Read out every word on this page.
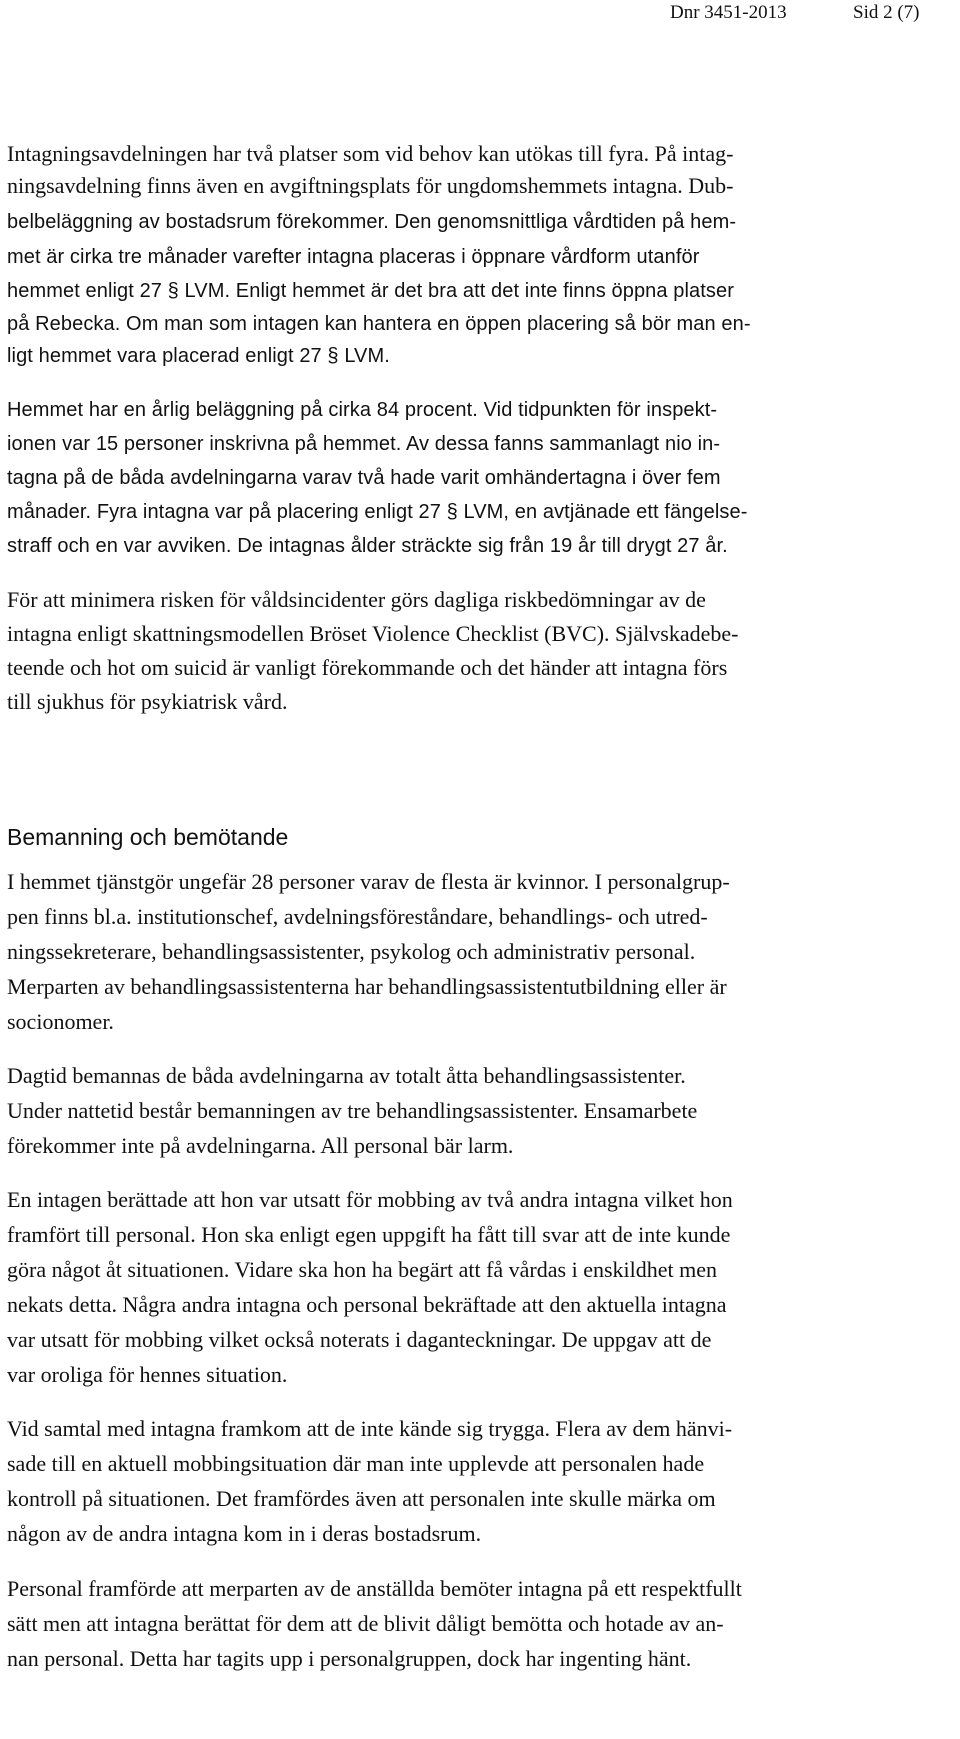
Dnr 3451-2013	Sid 2 (7)
Intagningsavdelningen har två platser som vid behov kan utökas till fyra. På intag-
ningsavdelning finns även en avgiftningsplats för ungdomshemmets intagna. Dub-
belbeläggning av bostadsrum förekommer. Den genomsnittliga vårdtiden på hem-
met är cirka tre månader varefter intagna placeras i öppnare vårdform utanför
hemmet enligt 27 § LVM. Enligt hemmet är det bra att det inte finns öppna platser
på Rebecka. Om man som intagen kan hantera en öppen placering så bör man en-
ligt hemmet vara placerad enligt 27 § LVM.
Hemmet har en årlig beläggning på cirka 84 procent. Vid tidpunkten för inspekt-
ionen var 15 personer inskrivna på hemmet. Av dessa fanns sammanlagt nio in-
tagna på de båda avdelningarna varav två hade varit omhändertagna i över fem
månader. Fyra intagna var på placering enligt 27 § LVM, en avtjänade ett fängelse-
straff och en var avviken. De intagnas ålder sträckte sig från 19 år till drygt 27 år.
För att minimera risken för våldsincidenter görs dagliga riskbedömningar av de
intagna enligt skattningsmodellen Bröset Violence Checklist (BVC). Självskadebe-
teende och hot om suicid är vanligt förekommande och det händer att intagna förs
till sjukhus för psykiatrisk vård.
Bemanning och bemötande
I hemmet tjänstgör ungefär 28 personer varav de flesta är kvinnor. I personalgrup-
pen finns bl.a. institutionschef, avdelningsföreståndare, behandlings- och utred-
ningssekreterare, behandlingsassistenter, psykolog och administrativ personal.
Merparten av behandlingsassistenterna har behandlingsassistentutbildning eller är
socionomer.
Dagtid bemannas de båda avdelningarna av totalt åtta behandlingsassistenter.
Under nattetid består bemanningen av tre behandlingsassistenter. Ensamarbete
förekommer inte på avdelningarna. All personal bär larm.
En intagen berättade att hon var utsatt för mobbing av två andra intagna vilket hon
framfört till personal. Hon ska enligt egen uppgift ha fått till svar att de inte kunde
göra något åt situationen. Vidare ska hon ha begärt att få vårdas i enskildhet men
nekats detta. Några andra intagna och personal bekräftade att den aktuella intagna
var utsatt för mobbing vilket också noterats i daganteckningar. De uppgav att de
var oroliga för hennes situation.
Vid samtal med intagna framkom att de inte kände sig trygga. Flera av dem hänvi-
sade till en aktuell mobbingsituation där man inte upplevde att personalen hade
kontroll på situationen. Det framfördes även att personalen inte skulle märka om
någon av de andra intagna kom in i deras bostadsrum.
Personal framförde att merparten av de anställda bemöter intagna på ett respektfullt
sätt men att intagna berättat för dem att de blivit dåligt bemötta och hotade av an-
nan personal. Detta har tagits upp i personalgruppen, dock har ingenting hänt.
